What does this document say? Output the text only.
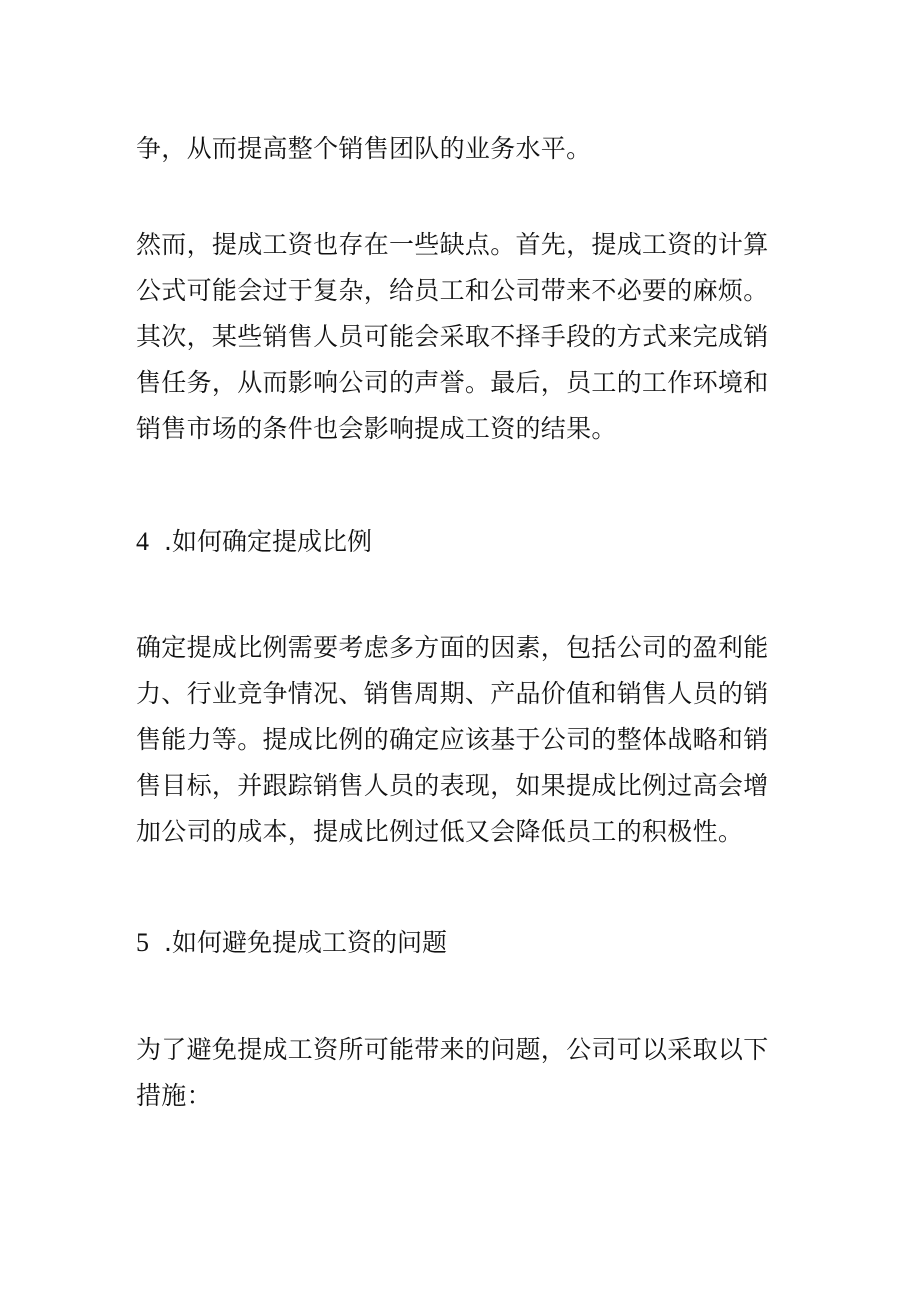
争，从而提高整个销售团队的业务水平。

然而，提成工资也存在一些缺点。首先，提成工资的计算
公式可能会过于复杂，给员工和公司带来不必要的麻烦。
其次，某些销售人员可能会采取不择手段的方式来完成销
售任务，从而影响公司的声誉。最后，员工的工作环境和
销售市场的条件也会影响提成工资的结果。

4 .如何确定提成比例

确定提成比例需要考虑多方面的因素，包括公司的盈利能
力、行业竞争情况、销售周期、产品价值和销售人员的销
售能力等。提成比例的确定应该基于公司的整体战略和销
售目标，并跟踪销售人员的表现，如果提成比例过高会增
加公司的成本，提成比例过低又会降低员工的积极性。

5 .如何避免提成工资的问题

为了避免提成工资所可能带来的问题，公司可以采取以下
措施：
